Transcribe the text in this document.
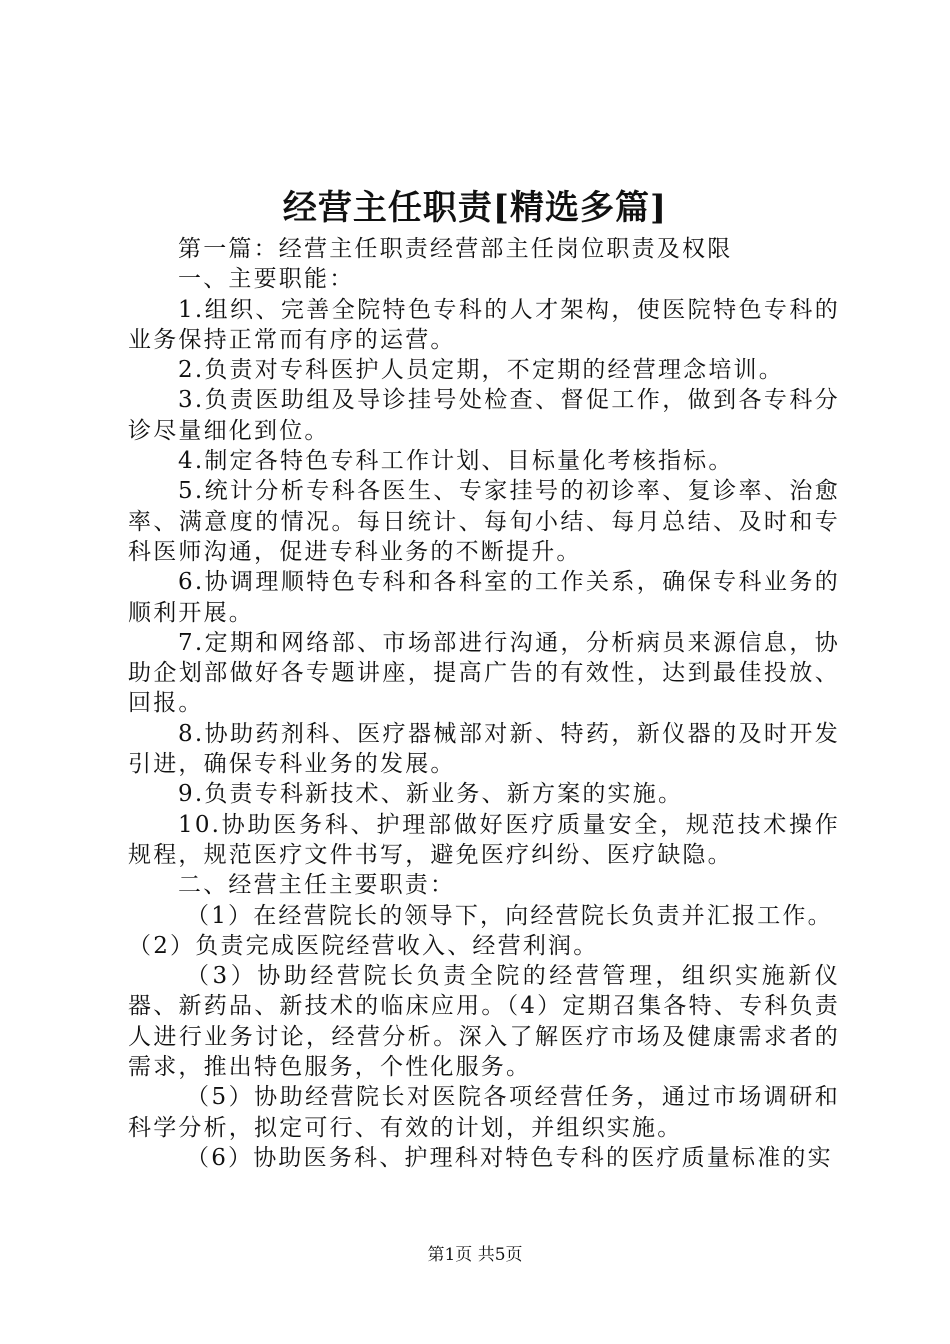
经营主任职责[精选多篇]

第一篇：经营主任职责经营部主任岗位职责及权限

一、主要职能：

1.组织、完善全院特色专科的人才架构，使医院特色专科的业务保持正常而有序的运营。

2.负责对专科医护人员定期，不定期的经营理念培训。

3.负责医助组及导诊挂号处检查、督促工作，做到各专科分诊尽量细化到位。

4.制定各特色专科工作计划、目标量化考核指标。

5.统计分析专科各医生、专家挂号的初诊率、复诊率、治愈率、满意度的情况。每日统计、每旬小结、每月总结、及时和专科医师沟通，促进专科业务的不断提升。

6.协调理顺特色专科和各科室的工作关系，确保专科业务的顺利开展。

7.定期和网络部、市场部进行沟通，分析病员来源信息，协助企划部做好各专题讲座，提高广告的有效性，达到最佳投放、回报。

8.协助药剂科、医疗器械部对新、特药，新仪器的及时开发引进，确保专科业务的发展。

9.负责专科新技术、新业务、新方案的实施。

10.协助医务科、护理部做好医疗质量安全，规范技术操作规程，规范医疗文件书写，避免医疗纠纷、医疗缺隐。

二、经营主任主要职责：

（1）在经营院长的领导下，向经营院长负责并汇报工作。

（2）负责完成医院经营收入、经营利润。

（3）协助经营院长负责全院的经营管理，组织实施新仪器、新药品、新技术的临床应用。（4）定期召集各特、专科负责人进行业务讨论，经营分析。深入了解医疗市场及健康需求者的需求，推出特色服务，个性化服务。

（5）协助经营院长对医院各项经营任务，通过市场调研和科学分析，拟定可行、有效的计划，并组织实施。

（6）协助医务科、护理科对特色专科的医疗质量标准的实

第1页 共5页
